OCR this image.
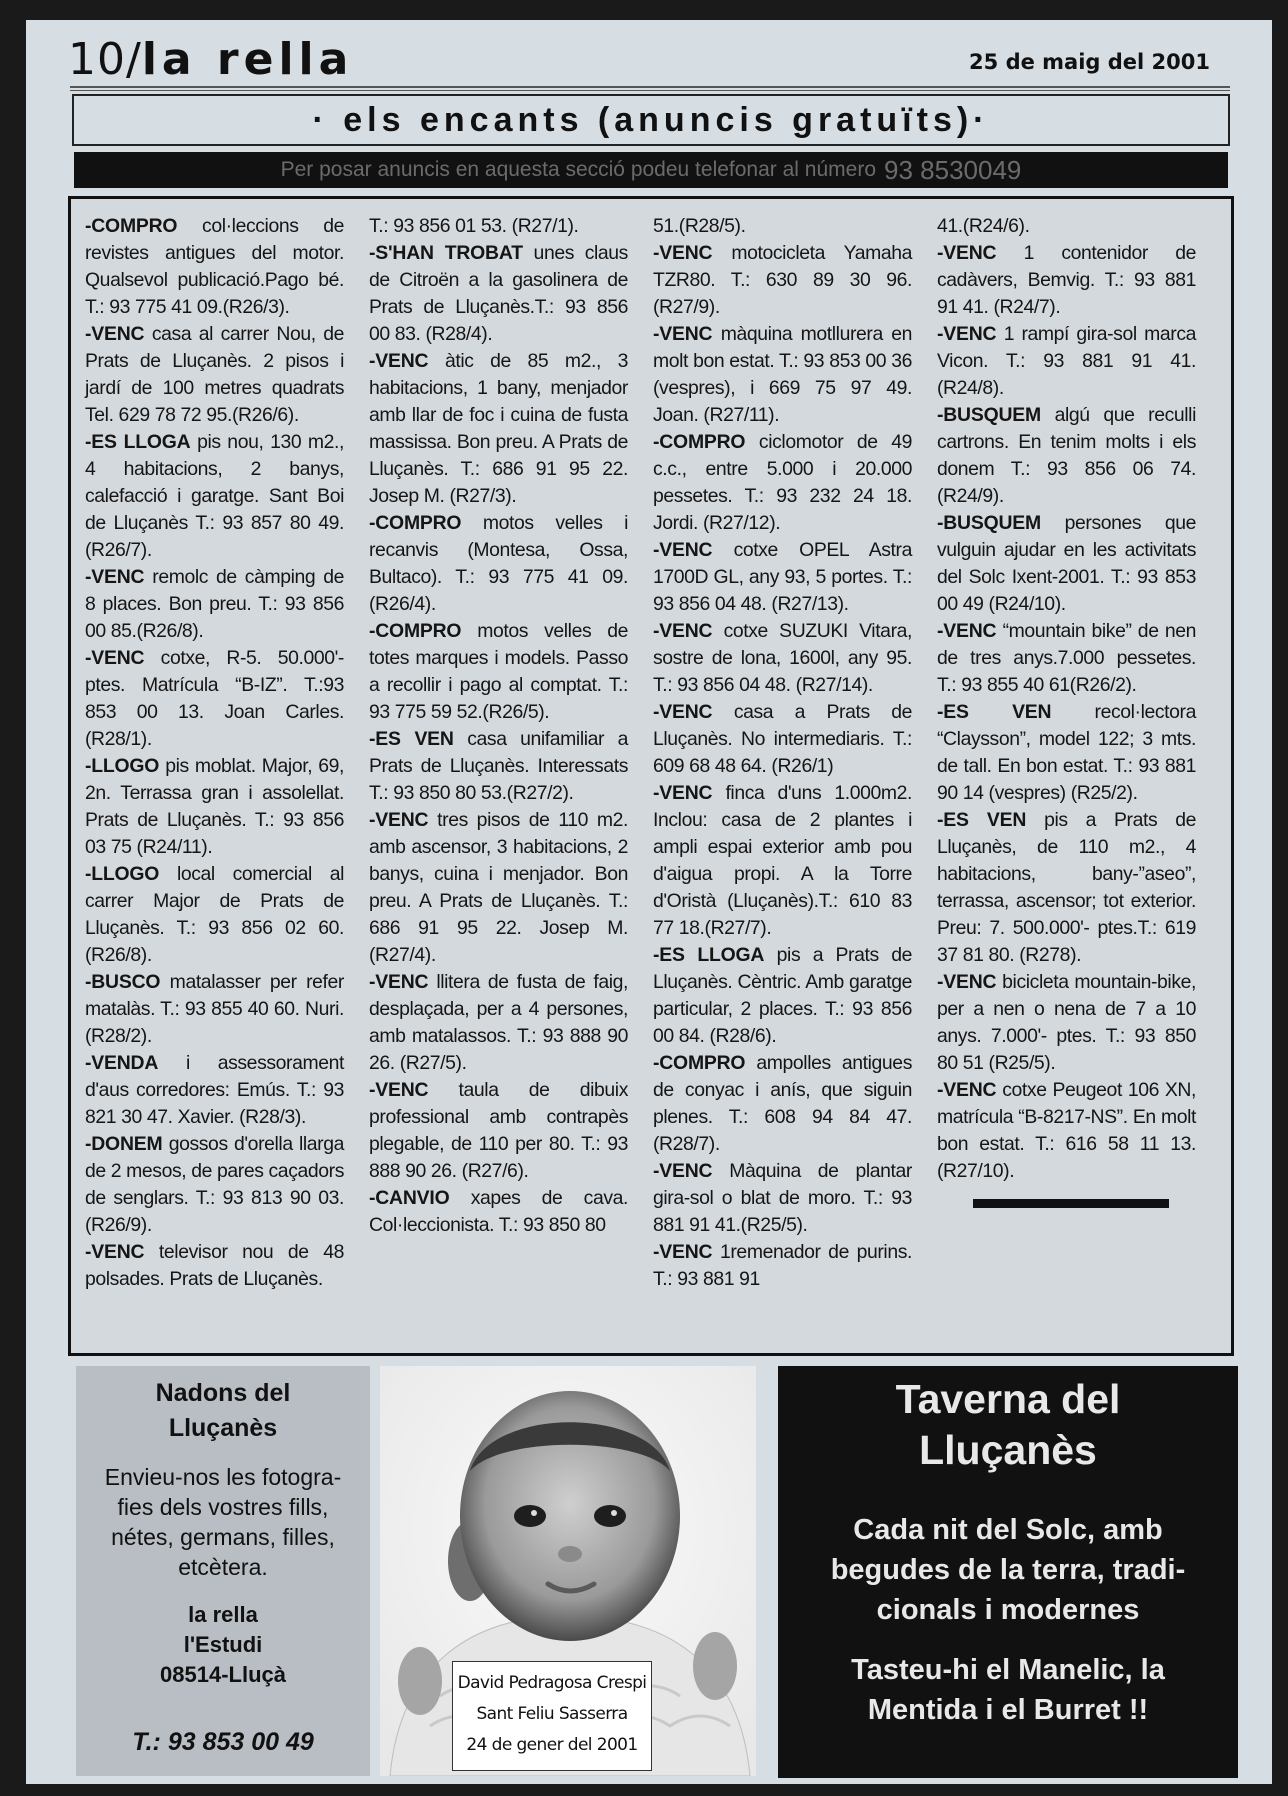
10/la rella	25 de maig del 2001
· els encants (anuncis gratuïts)·
Per posar anuncis en aquesta secció podeu telefonar al número 93 8530049

-COMPRO col·leccions de revistes antigues del motor. Qualsevol publicació.Pago bé. T.: 93 775 41 09.(R26/3).

-VENC casa al carrer Nou, de Prats de Lluçanès. 2 pisos i jardí de 100 metres quadrats Tel. 629 78 72 95.(R26/6).

-ES LLOGA pis nou, 130 m2., 4 habitacions, 2 banys, calefacció i garatge. Sant Boi de Lluçanès T.: 93 857 80 49. (R26/7).

-VENC remolc de càmping de 8 places. Bon preu. T.: 93 856 00 85.(R26/8).

-VENC cotxe, R-5. 50.000'-ptes. Matrícula “B-IZ”. T.:93 853 00 13. Joan Carles.(R28/1).

-LLOGO pis moblat. Major, 69, 2n. Terrassa gran i assolellat. Prats de Lluçanès. T.: 93 856 03 75 (R24/11).

-LLOGO local comercial al carrer Major de Prats de Lluçanès. T.: 93 856 02 60.(R26/8).

-BUSCO matalasser per refer matalàs. T.: 93 855 40 60. Nuri. (R28/2).

-VENDA i assessorament d'aus corredores: Emús. T.: 93 821 30 47. Xavier. (R28/3).

-DONEM gossos d'orella llarga de 2 mesos, de pares caçadors de senglars. T.: 93 813 90 03. (R26/9).

-VENC televisor nou de 48 polsades. Prats de Lluçanès.

T.: 93 856 01 53. (R27/1).

-S'HAN TROBAT unes claus de Citroën a la gasolinera de Prats de Lluçanès.T.: 93 856 00 83. (R28/4).

-VENC àtic de 85 m2., 3 habitacions, 1 bany, menjador amb llar de foc i cuina de fusta massissa. Bon preu. A Prats de Lluçanès. T.: 686 91 95 22. Josep M. (R27/3).

-COMPRO motos velles i recanvis (Montesa, Ossa, Bultaco). T.: 93 775 41 09.(R26/4).

-COMPRO motos velles de totes marques i models. Passo a recollir i pago al comptat. T.: 93 775 59 52.(R26/5).

-ES VEN casa unifamiliar a Prats de Lluçanès. Interessats T.: 93 850 80 53.(R27/2).

-VENC tres pisos de 110 m2. amb ascensor, 3 habitacions, 2 banys, cuina i menjador. Bon preu. A Prats de Lluçanès. T.: 686 91 95 22. Josep M. (R27/4).

-VENC llitera de fusta de faig, desplaçada, per a 4 persones, amb matalassos. T.: 93 888 90 26. (R27/5).

-VENC taula de dibuix professional amb contrapès plegable, de 110 per 80. T.: 93 888 90 26. (R27/6).

-CANVIO xapes de cava. Col·leccionista. T.: 93 850 80

51.(R28/5).

-VENC motocicleta Yamaha TZR80. T.: 630 89 30 96. (R27/9).

-VENC màquina motllurera en molt bon estat. T.: 93 853 00 36 (vespres), i 669 75 97 49. Joan. (R27/11).

-COMPRO ciclomotor de 49 c.c., entre 5.000 i 20.000 pessetes. T.: 93 232 24 18. Jordi. (R27/12).

-VENC cotxe OPEL Astra 1700D GL, any 93, 5 portes. T.: 93 856 04 48. (R27/13).

-VENC cotxe SUZUKI Vitara, sostre de lona, 1600l, any 95. T.: 93 856 04 48. (R27/14).

-VENC casa a Prats de Lluçanès. No intermediaris. T.: 609 68 48 64. (R26/1)

-VENC finca d'uns 1.000m2. Inclou: casa de 2 plantes i ampli espai exterior amb pou d'aigua propi. A la Torre d'Oristà (Lluçanès).T.: 610 83 77 18.(R27/7).

-ES LLOGA pis a Prats de Lluçanès. Cèntric. Amb garatge particular, 2 places. T.: 93 856 00 84. (R28/6).

-COMPRO ampolles antigues de conyac i anís, que siguin plenes. T.: 608 94 84 47. (R28/7).

-VENC Màquina de plantar gira-sol o blat de moro. T.: 93 881 91 41.(R25/5).

-VENC 1remenador de purins. T.: 93 881 91

41.(R24/6).

-VENC 1 contenidor de cadàvers, Bemvig. T.: 93 881 91 41. (R24/7).

-VENC 1 rampí gira-sol marca Vicon. T.: 93 881 91 41.(R24/8).

-BUSQUEM algú que reculli cartrons. En tenim molts i els donem T.: 93 856 06 74. (R24/9).

-BUSQUEM persones que vulguin ajudar en les activitats del Solc Ixent-2001. T.: 93 853 00 49 (R24/10).

-VENC “mountain bike” de nen de tres anys.7.000 pessetes. T.: 93 855 40 61(R26/2).

-ES VEN recol·lectora “Claysson”, model 122; 3 mts. de tall. En bon estat. T.: 93 881 90 14 (vespres) (R25/2).

-ES VEN pis a Prats de Lluçanès, de 110 m2., 4 habitacions, bany-”aseo”, terrassa, ascensor; tot exterior. Preu: 7. 500.000'- ptes.T.: 619 37 81 80. (R278).

-VENC bicicleta mountain-bike, per a nen o nena de 7 a 10 anys. 7.000'- ptes. T.: 93 850 80 51 (R25/5).

-VENC cotxe Peugeot 106 XN, matrícula “B-8217-NS”. En molt bon estat. T.: 616 58 11 13. (R27/10).

Nadons del
Lluçanès
Envieu-nos les fotogra-
fies dels vostres fills,
nétes, germans, filles,
etcètera.
la rella
l'Estudi
08514-Lluçà
T.: 93 853 00 49
David Pedragosa Crespi
Sant Feliu Sasserra
24 de gener del 2001
Taverna del
Lluçanès
Cada nit del Solc, amb
begudes de la terra, tradi-
cionals i modernes
Tasteu-hi el Manelic, la
Mentida i el Burret !!
